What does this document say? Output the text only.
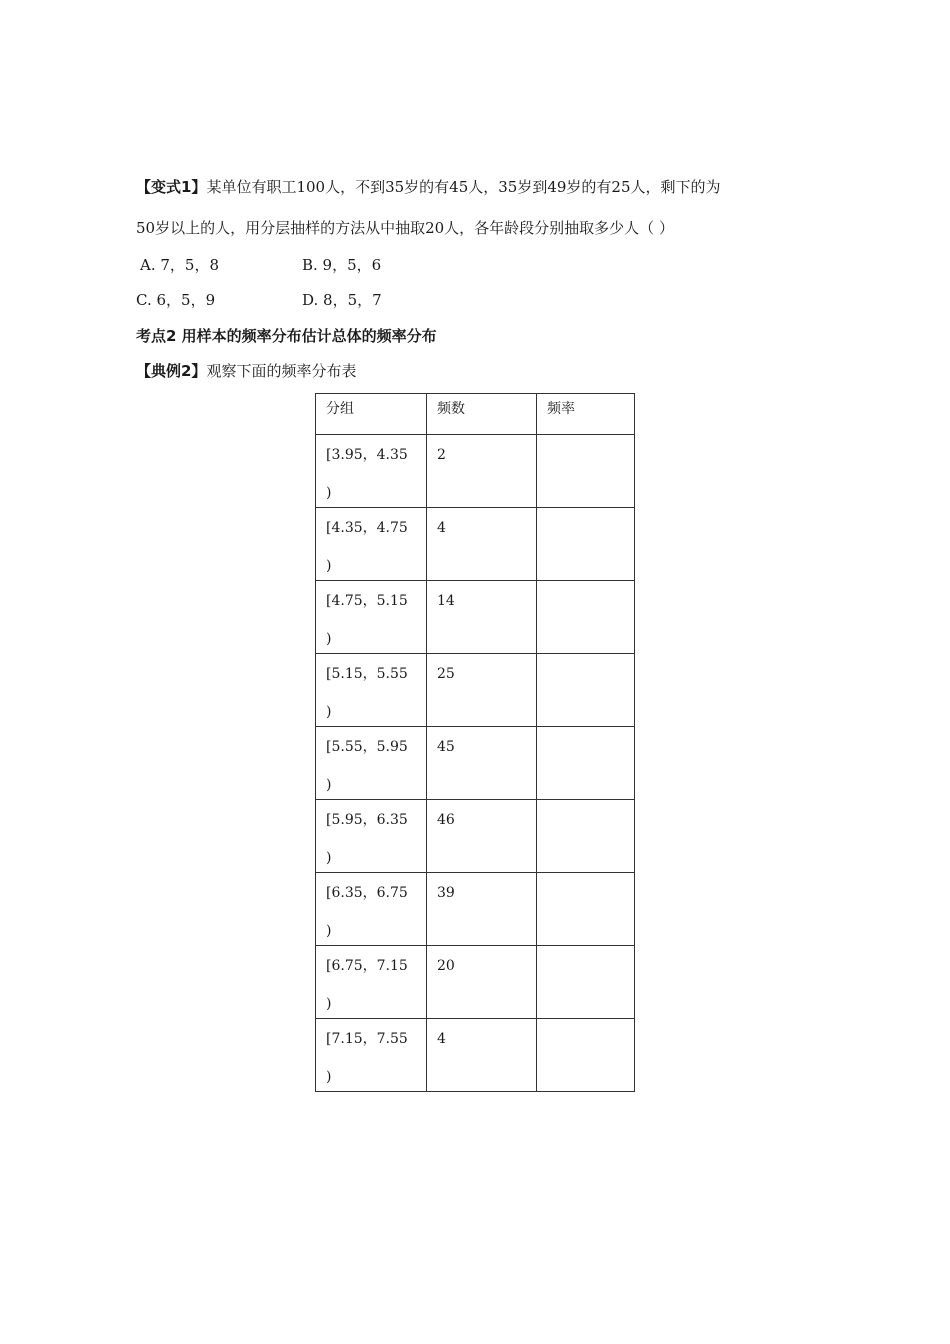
【变式1】某单位有职工100人，不到35岁的有45人，35岁到49岁的有25人，剩下的为
50岁以上的人，用分层抽样的方法从中抽取20人，各年龄段分别抽取多少人（ ）
A. 7，5，8	B. 9，5，6
C. 6，5，9	D. 8，5，7
考点2 用样本的频率分布估计总体的频率分布
【典例2】观察下面的频率分布表
分组	频数	频率

[3.95，4.35
)	2	

[4.35，4.75
)	4	

[4.75，5.15
)	14	

[5.15，5.55
)	25	

[5.55，5.95
)	45	

[5.95，6.35
)	46	

[6.35，6.75
)	39	

[6.75，7.15
)	20	

[7.15，7.55
)	4	
